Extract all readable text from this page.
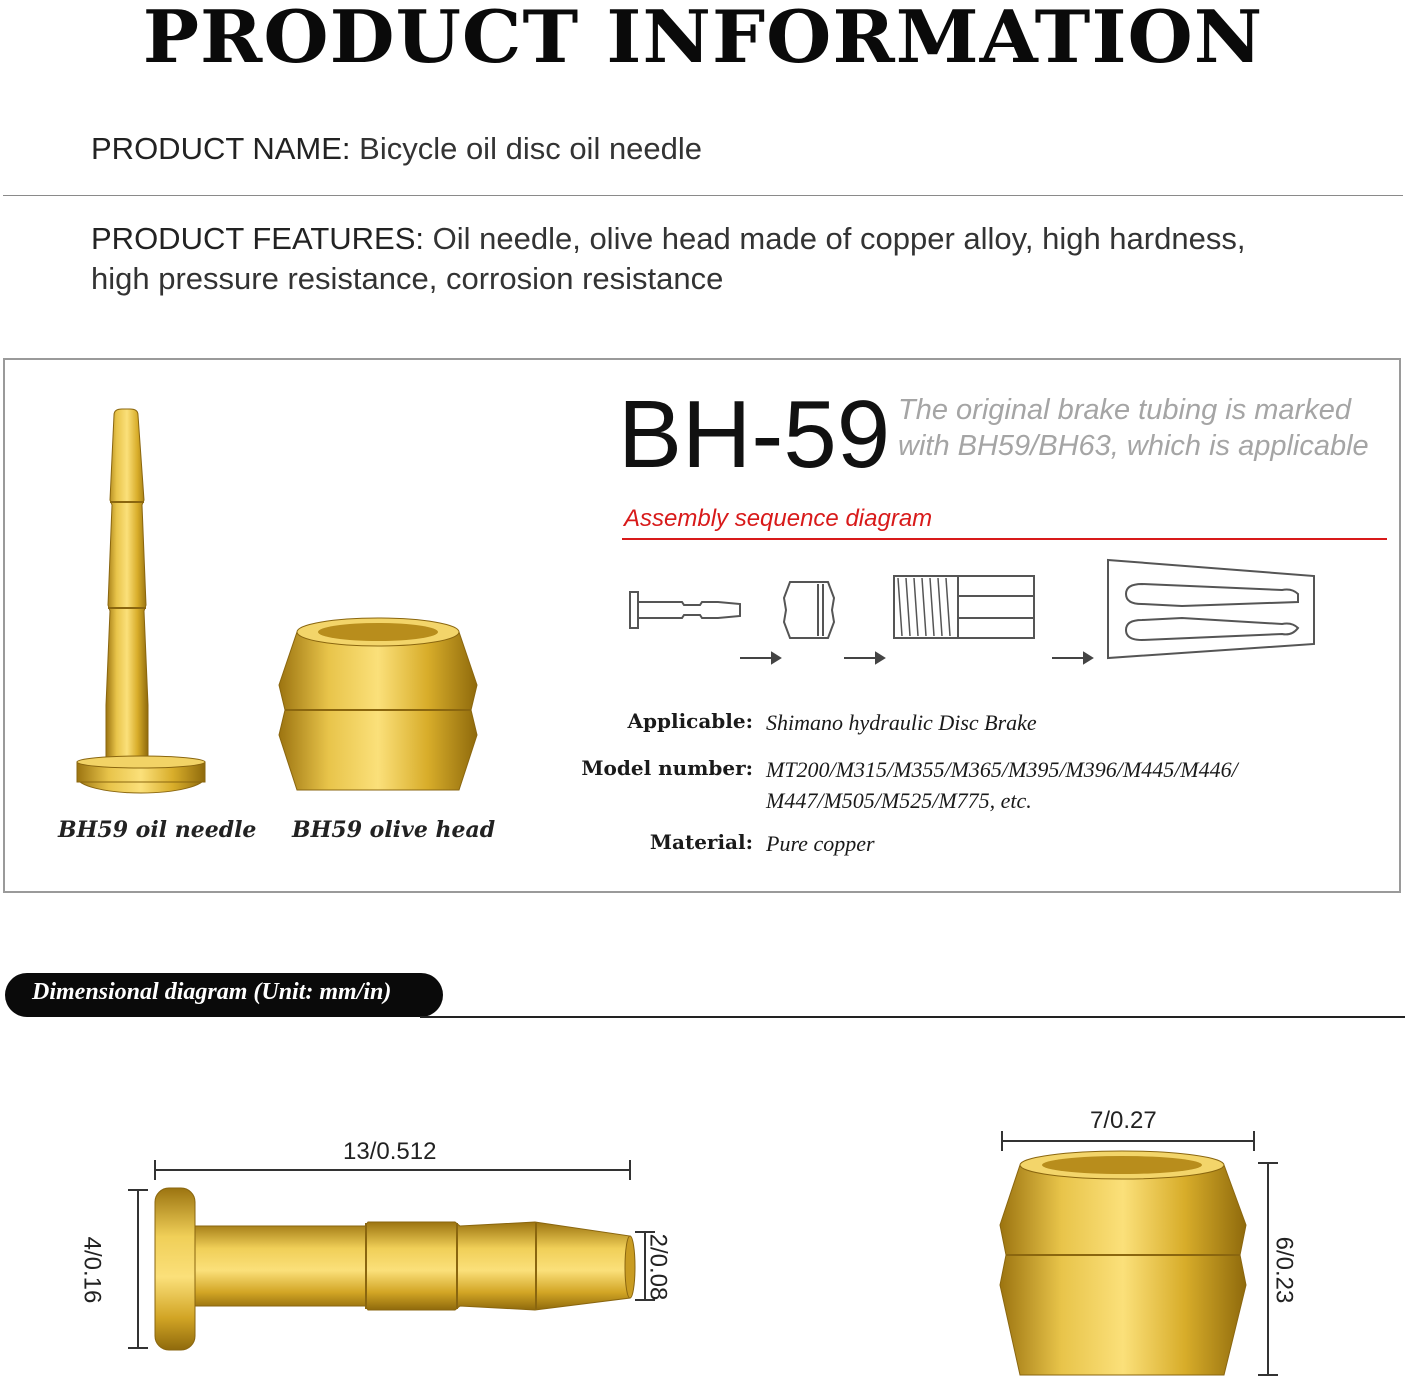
PRODUCT INFORMATION
PRODUCT NAME: Bicycle oil disc oil needle
PRODUCT FEATURES: Oil needle, olive head made of copper alloy, high hardness,
high pressure resistance, corrosion resistance
BH59 oil needle BH59 olive head
BH-59 The original brake tubing is marked
with BH59/BH63, which is applicable
Assembly sequence diagram
Applicable: Shimano hydraulic Disc Brake
Model number: MT200/M315/M355/M365/M395/M396/M445/M446/
M447/M505/M525/M775, etc.
Material: Pure copper
Dimensional diagram (Unit: mm/in)
13/0.512
4/0.16	2/0.08
7/0.27
6/0.23
